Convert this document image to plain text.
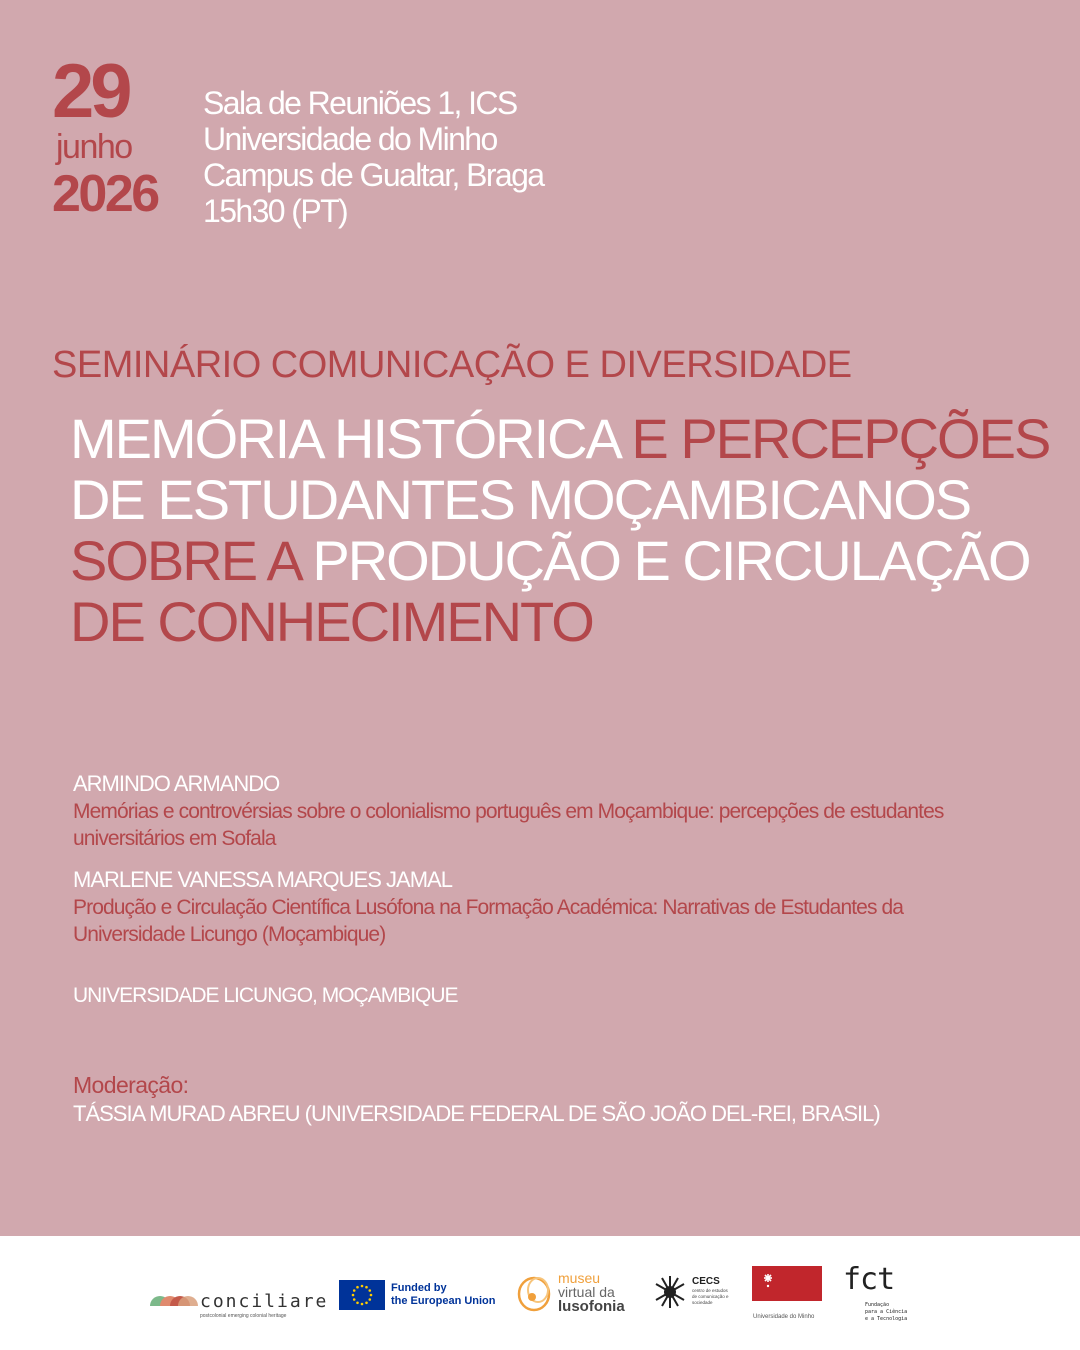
29
junho
2026
Sala de Reuniões 1, ICS
Universidade do Minho
Campus de Gualtar, Braga
15h30 (PT)
SEMINÁRIO COMUNICAÇÃO E DIVERSIDADE
MEMÓRIA HISTÓRICA E PERCEPÇÕES DE ESTUDANTES MOÇAMBICANOS SOBRE A PRODUÇÃO E CIRCULAÇÃO DE CONHECIMENTO
ARMINDO ARMANDO
Memórias e controvérsias sobre o colonialismo português em Moçambique: percepções de estudantes universitários em Sofala
MARLENE VANESSA MARQUES JAMAL
Produção e Circulação Científica Lusófona na Formação Académica: Narrativas de Estudantes da Universidade Licungo (Moçambique)
UNIVERSIDADE LICUNGO, MOÇAMBIQUE
Moderação:
TÁSSIA MURAD ABREU (UNIVERSIDADE FEDERAL DE SÃO JOÃO DEL-REI, BRASIL)
conciliare
postcolonial emerging colonial heritage
Funded by
the European Union
museu
virtual da
lusofonia
CECS
centro de estudos de comunicação e sociedade
Universidade do Minho
fct
Fundação
para a Ciência
e a Tecnologia
